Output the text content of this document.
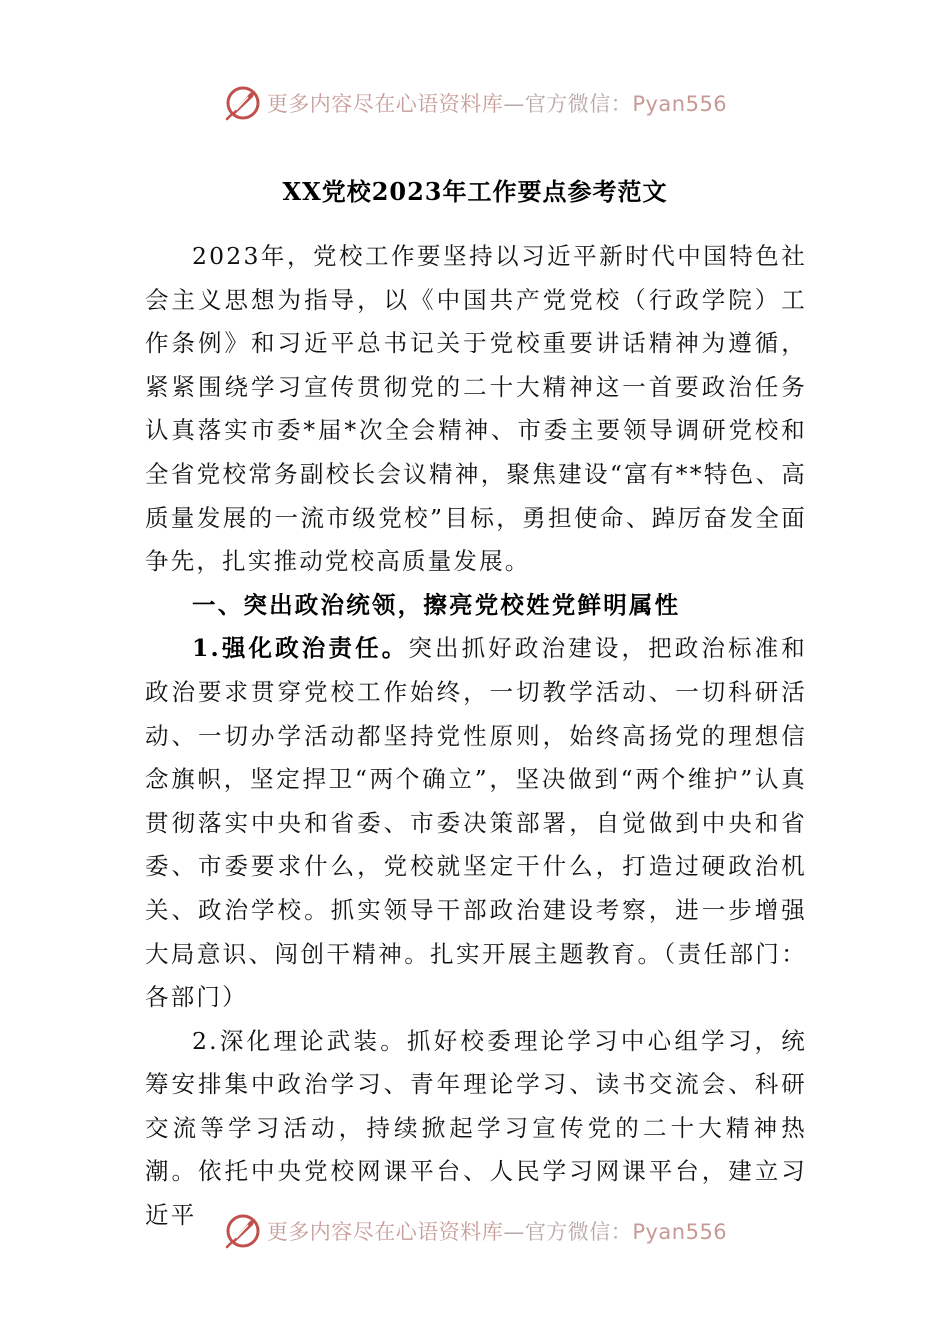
更多内容尽在心语资料库—官方微信：Pyan556
XX党校2023年工作要点参考范文

2023年，党校工作要坚持以习近平新时代中国特色社会主义思想为指导，以《中国共产党党校（行政学院）工作条例》和习近平总书记关于党校重要讲话精神为遵循，紧紧围绕学习宣传贯彻党的二十大精神这一首要政治任务认真落实市委*届*次全会精神、市委主要领导调研党校和全省党校常务副校长会议精神，聚焦建设“富有**特色、高质量发展的一流市级党校”目标，勇担使命、踔厉奋发全面争先，扎实推动党校高质量发展。

一、突出政治统领，擦亮党校姓党鲜明属性

1.强化政治责任。突出抓好政治建设，把政治标准和政治要求贯穿党校工作始终，一切教学活动、一切科研活动、一切办学活动都坚持党性原则，始终高扬党的理想信念旗帜，坚定捍卫“两个确立”，坚决做到“两个维护”认真贯彻落实中央和省委、市委决策部署，自觉做到中央和省委、市委要求什么，党校就坚定干什么，打造过硬政治机关、政治学校。抓实领导干部政治建设考察，进一步增强大局意识、闯创干精神。扎实开展主题教育。（责任部门：各部门）

2.深化理论武装。抓好校委理论学习中心组学习，统筹安排集中政治学习、青年理论学习、读书交流会、科研交流等学习活动，持续掀起学习宣传党的二十大精神热潮。依托中央党校网课平台、人民学习网课平台，建立习近平

更多内容尽在心语资料库—官方微信：Pyan556
